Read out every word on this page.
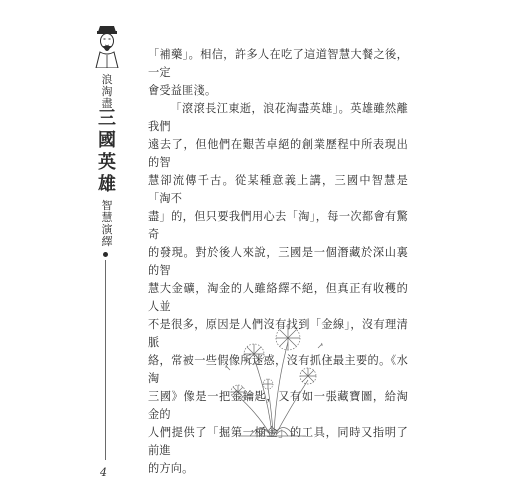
浪
淘
盡
三
國
英
雄
智
慧
演
繹
4

「補藥」。相信，許多人在吃了這道智慧大餐之後，一定
會受益匪淺。

「滾滾長江東逝，浪花淘盡英雄」。英雄雖然離我們
遠去了，但他們在艱苦卓絕的創業歷程中所表現出的智
慧卻流傳千古。從某種意義上講，三國中智慧是「淘不
盡」的，但只要我們用心去「淘」，每一次都會有驚奇
的發現。對於後人來說，三國是一個潛藏於深山裏的智
慧大金礦，淘金的人雖絡繹不絕，但真正有收穫的人並
不是很多，原因是人們沒有找到「金線」，沒有理清脈
絡，常被一些假像所迷惑，沒有抓住最主要的。《水淘
三國》像是一把金鑰匙，又有如一張藏寶圖，給淘金的
人們提供了「掘第一桶金」的工具，同時又指明了前進
的方向。
